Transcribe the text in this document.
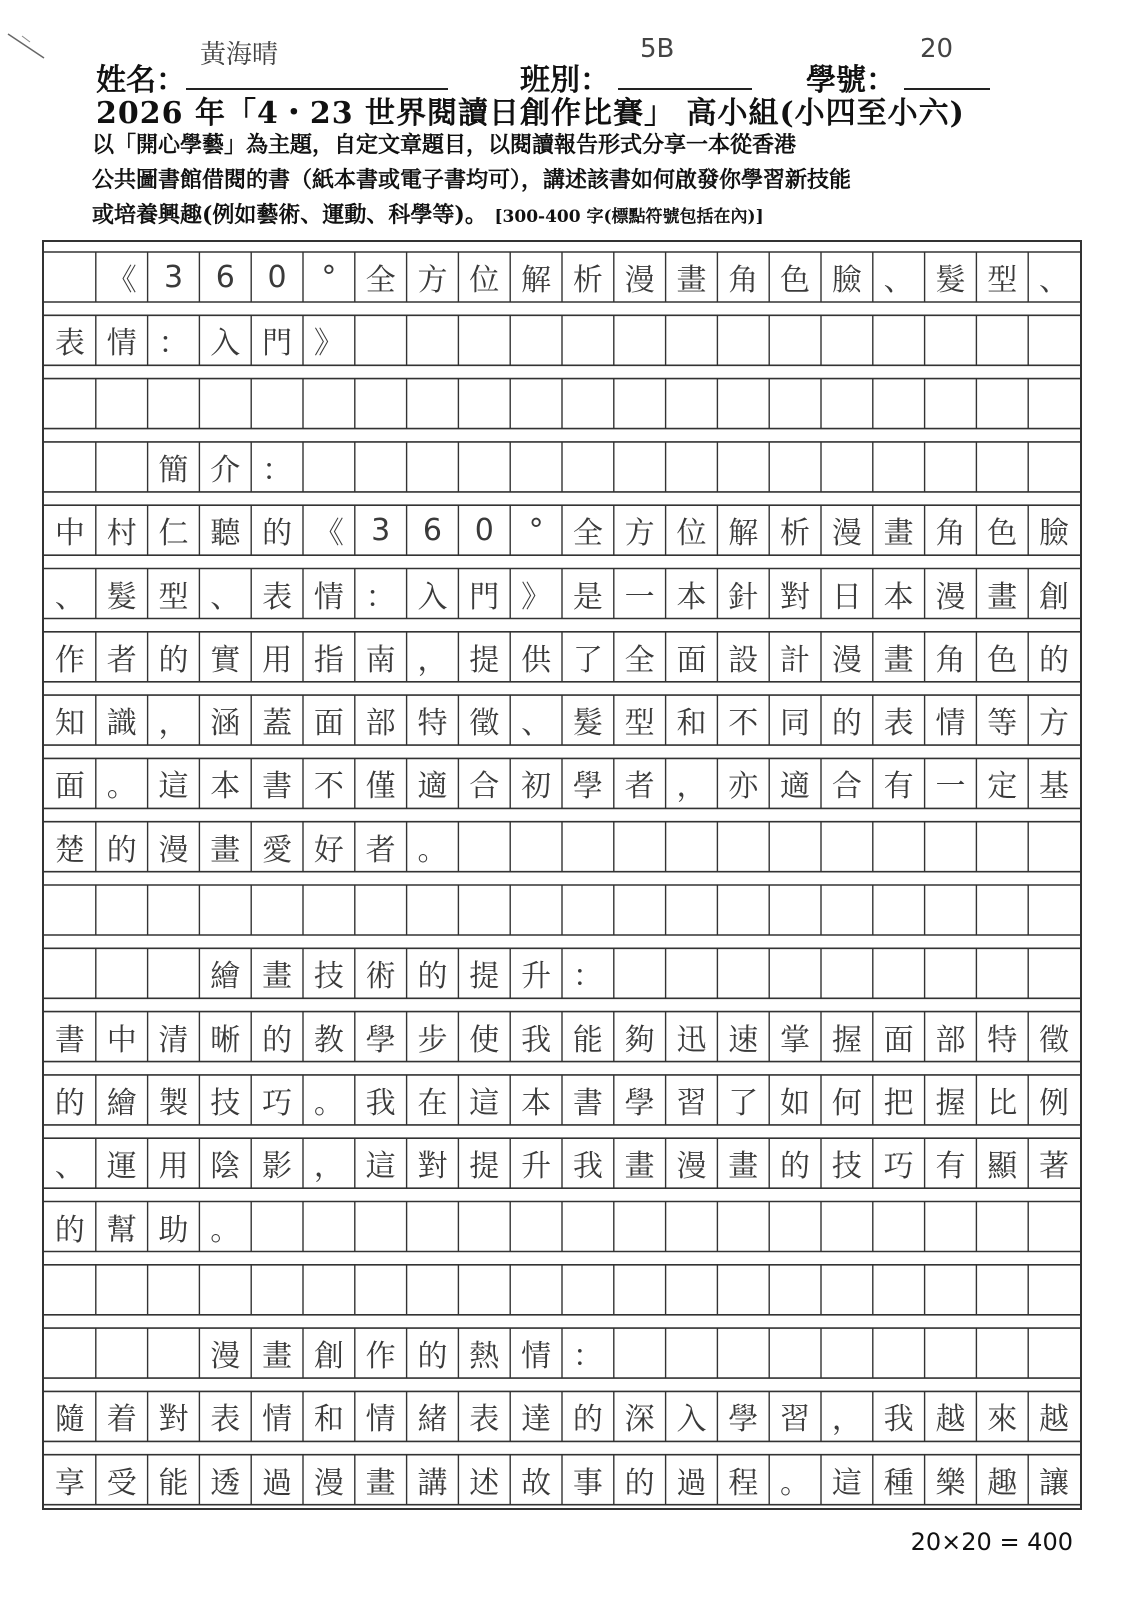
姓名：
黃海晴
班別：
5B
學號：
20
2026 年「4・23 世界閱讀日創作比賽」 高小組(小四至小六)
以「開心學藝」為主題，自定文章題目，以閱讀報告形式分享一本從香港
公共圖書館借閱的書（紙本書或電子書均可），講述該書如何啟發你學習新技能
或培養興趣(例如藝術、運動、科學等)。 [300-400 字(標點符號包括在內)]
《 3	6	0	° 全 方 位 解 析 漫 畫 角 色 臉 、 髮 型 、
表 情 ： 入 門 》
簡 介 ：
中 村 仁 聽 的 《 3	6	0	° 全 方 位 解 析 漫 畫 角 色 臉
、 髮 型 、 表 情 ： 入 門 》 是 一 本 針 對 日 本 漫 畫 創
作 者 的 實 用 指 南 ， 提 供 了 全 面 設 計 漫 畫 角 色 的
知 識 ， 涵 蓋 面 部 特 徵 、 髮 型 和 不 同 的 表 情 等 方
面 。 這 本 書 不 僅 適 合 初 學 者 ， 亦 適 合 有 一 定 基
楚 的 漫 畫 愛 好 者 。
繪 畫 技 術 的 提 升 ：
書 中 清 晰 的 教 學 步 使 我 能 夠 迅 速 掌 握 面 部 特 徵
的 繪 製 技 巧 。 我 在 這 本 書 學 習 了 如 何 把 握 比 例
、 運 用 陰 影 ， 這 對 提 升 我 畫 漫 畫 的 技 巧 有 顯 著
的 幫 助 。
漫 畫 創 作 的 熱 情 ：
隨 着 對 表 情 和 情 緒 表 達 的 深 入 學 習 ， 我 越 來 越
享 受 能 透 過 漫 畫 講 述 故 事 的 過 程 。 這 種 樂 趣 讓
20×20 = 400
